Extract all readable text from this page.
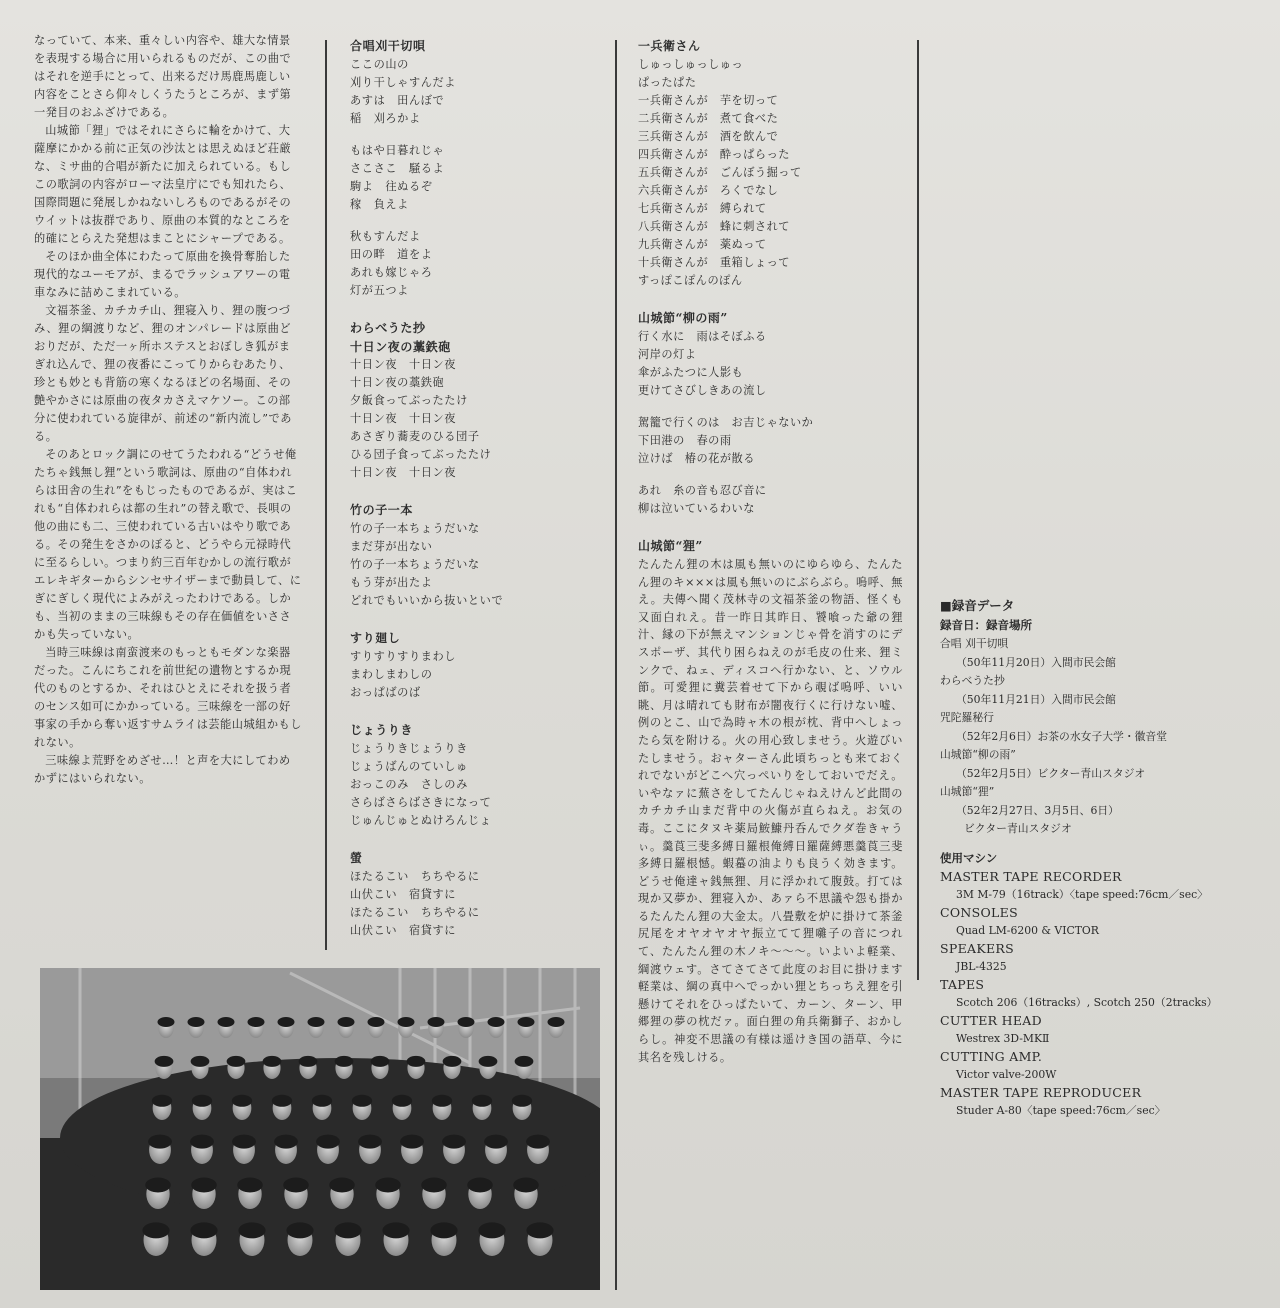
なっていて、本来、重々しい内容や、雄大な情景を表現する場合に用いられるものだが、この曲ではそれを逆手にとって、出来るだけ馬鹿馬鹿しい内容をことさら仰々しくうたうところが、まず第一発目のおふざけである。

山城節「狸」ではそれにさらに輪をかけて、大薩摩にかかる前に正気の沙汰とは思えぬほど荘厳な、ミサ曲的合唱が新たに加えられている。もしこの歌詞の内容がローマ法皇庁にでも知れたら、国際問題に発展しかねないしろものであるがそのウイットは抜群であり、原曲の本質的なところを的確にとらえた発想はまことにシャープである。

そのほか曲全体にわたって原曲を換骨奪胎した現代的なユーモアが、まるでラッシュアワーの電車なみに詰めこまれている。

文福茶釜、カチカチ山、狸寝入り、狸の腹つづみ、狸の綱渡りなど、狸のオンパレードは原曲どおりだが、ただ一ヶ所ホステスとおぼしき狐がまぎれ込んで、狸の夜番にこってりからむあたり、珍とも妙とも背筋の寒くなるほどの名場面、その艶やかさには原曲の夜タカさえマケソー。この部分に使われている旋律が、前述の“新内流し”である。

そのあとロック調にのせてうたわれる“どうせ俺たちゃ銭無し狸”という歌詞は、原曲の“自体われらは田舎の生れ”をもじったものであるが、実はこれも“自体われらは都の生れ”の替え歌で、長唄の他の曲にも二、三使われている古いはやり歌である。その発生をさかのぼると、どうやら元禄時代に至るらしい。つまり約三百年むかしの流行歌がエレキギターからシンセサイザーまで動員して、にぎにぎしく現代によみがえったわけである。しかも、当初のままの三味線もその存在価値をいささかも失っていない。

当時三味線は南蛮渡来のもっともモダンな楽器だった。こんにちこれを前世紀の遺物とするか現代のものとするか、それはひとえにそれを扱う者のセンス如可にかかっている。三味線を一部の好事家の手から奪い返すサムライは芸能山城組かもしれない。

三味線よ荒野をめざせ…！と声を大にしてわめかずにはいられない。

合唱刈干切唄
ここの山の
刈り干しゃすんだよ
あすは　田んぼで
稲　刈ろかよ
もはや日暮れじゃ
さこさこ　騒るよ
駒よ　往ぬるぞ
稼　負えよ
秋もすんだよ
田の畔　道をよ
あれも嫁じゃろ
灯が五つよ
わらべうた抄
十日ン夜の藁鉄砲
十日ン夜　十日ン夜
十日ン夜の藁鉄砲
夕飯食ってぶったたけ
十日ン夜　十日ン夜
あさぎり蕎麦のひる団子
ひる団子食ってぶったたけ
十日ン夜　十日ン夜
竹の子一本
竹の子一本ちょうだいな
まだ芽が出ない
竹の子一本ちょうだいな
もう芽が出たよ
どれでもいいから抜いといで
すり廻し
すりすりすりまわし
まわしまわしの
おっぱばのば
じょうりき
じょうりきじょうりき
じょうばんのていしゅ
おっこのみ　さしのみ
さらばさらばさきになって
じゅんじゅとぬけろんじょ
螢
ほたるこい　ちちやるに
山伏こい　宿貸すに
ほたるこい　ちちやるに
山伏こい　宿貸すに
一兵衛さん
しゅっしゅっしゅっ
ぱったぱた
一兵衛さんが　芋を切って
二兵衛さんが　煮て食べた
三兵衛さんが　酒を飲んで
四兵衛さんが　酔っぱらった
五兵衛さんが　ごんぼう掘って
六兵衛さんが　ろくでなし
七兵衛さんが　縛られて
八兵衛さんが　蜂に刺されて
九兵衛さんが　薬ぬって
十兵衛さんが　重箱しょって
すっぽこぽんのぽん
山城節“柳の雨”
行く水に　雨はそぼふる
河岸の灯よ
傘がふたつに人影も
更けてさびしきあの流し
駕籠で行くのは　お吉じゃないか
下田港の　春の雨
泣けば　椿の花が散る
あれ　糸の音も忍び音に
柳は泣いているわいな
山城節“狸”
たんたん狸の木は風も無いのにゆらゆら、たんたん狸のキ×××は風も無いのにぶらぶら。嗚呼、無え。夫傳へ聞く茂林寺の文福茶釜の物語、怪くも又面白れえ。昔一昨日其昨日、饕喰った爺の狸汁、縁の下が無えマンションじゃ骨を消すのにデスポーザ、其代り困らねえのが毛皮の仕来、狸ミンクで、ねェ、ディスコへ行かない、と、ソウル節。可愛狸に糞芸着せて下から覗ば嗚呼、いい眺、月は晴れても財布が闇夜行くに行けない嘘、例のとこ、山で為時ャ木の根が枕、背中へしょったら気を附ける。火の用心致しませう。火遊びいたしませう。おャターさん此頃ちっとも来ておくれでないがどこへ穴っぺいりをしておいでだえ。いやなァに蕪さをしてたんじゃねえけんど此間のカチカチ山まだ背中の火傷が直らねえ。お気の毒。ここにタヌキ薬局鮟鱇丹呑んでクダ巻きャうぃ。羹莨三斐多縛日羅根俺縛日羅薩縛悪羹莨三斐多縛日羅根憾。蝦蟇の油よりも良うく効きます。どうせ俺達ャ銭無狸、月に浮かれて腹鼓。打ては現か又夢か、狸寝入か、あァら不思議や怨も掛かるたんたん狸の大金太。八畳敷を炉に掛けて茶釜尻尾をオヤオヤオヤ振立てて狸囃子の音につれて、たんたん狸の木ノキ〜〜〜。いよいよ軽業、綱渡ウェす。さてさてさて此度のお目に掛けます軽業は、綱の真中へでっかい狸とちっちえ狸を引懸けてそれをひっぱたいて、カーン、ターン、甲郷狸の夢の枕だァ。面白狸の角兵衛獅子、おかしらし。神変不思議の有様は遥けき国の語草、今に其名を残しける。
■録音データ
録音日：録音場所
合唱 刈干切唄
（50年11月20日）入間市民会館
わらべうた抄
（50年11月21日）入間市民会館
咒陀羅秘行
（52年2月6日）お茶の水女子大学・徽音堂
山城節“柳の雨”
（52年2月5日）ビクター青山スタジオ
山城節“狸”
（52年2月27日、3月5日、6日）
ビクター青山スタジオ
使用マシン
MASTER TAPE RECORDER
3M M-79（16track）〈tape speed:76cm／sec〉
CONSOLES
Quad LM-6200 & VICTOR
SPEAKERS
JBL-4325
TAPES
Scotch 206（16tracks）, Scotch 250（2tracks）
CUTTER HEAD
Westrex 3D-MKⅡ
CUTTING AMP.
Victor valve-200W
MASTER TAPE REPRODUCER
Studer A-80〈tape speed:76cm／sec〉
